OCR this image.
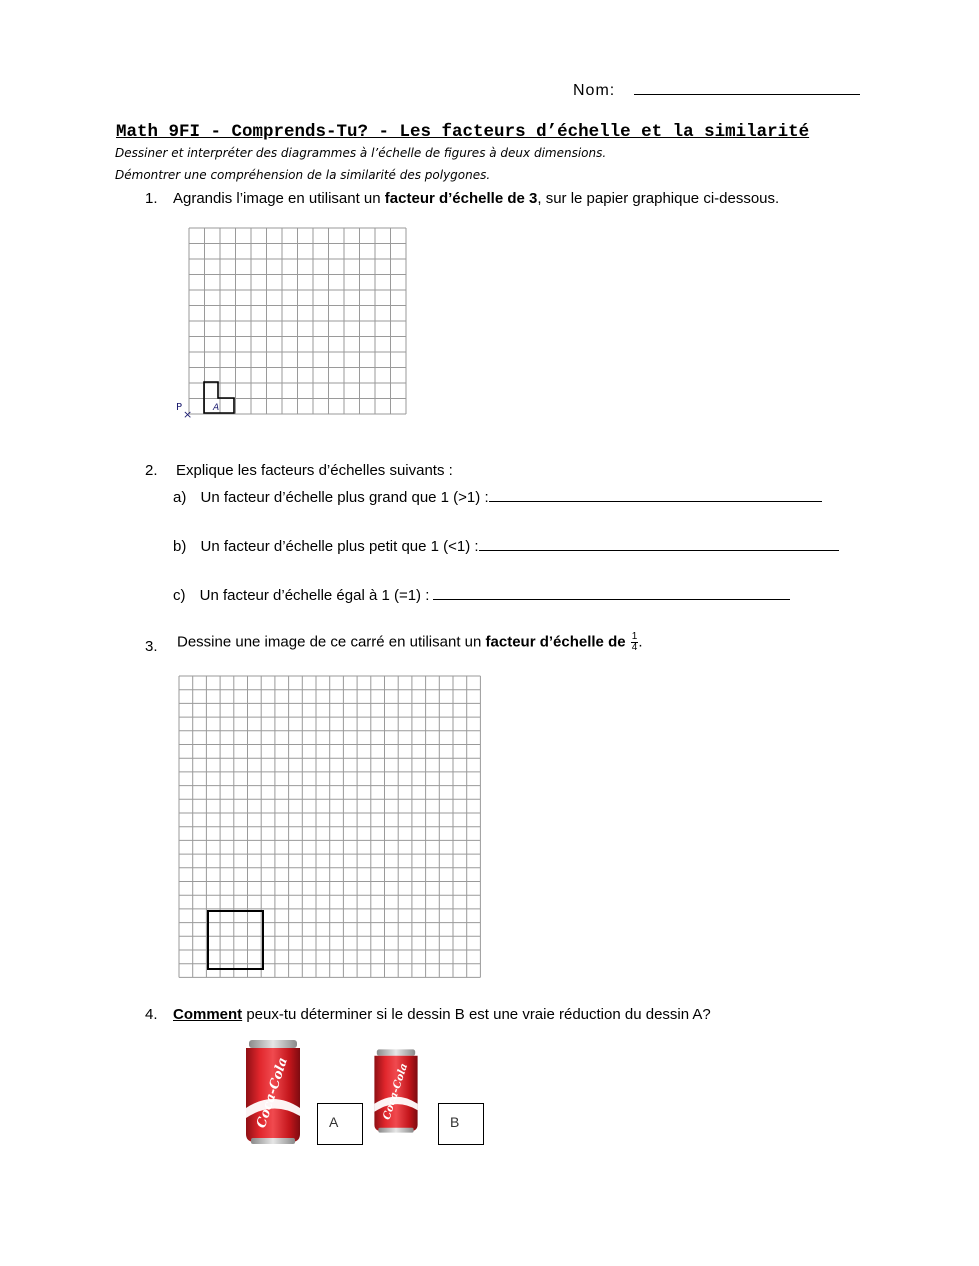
Nom:
Math 9FI - Comprends-Tu? - Les facteurs d’échelle et la similarité
Dessiner et interpréter des diagrammes à l’échelle de figures à deux dimensions.
Démontrer une compréhension de la similarité des polygones.
1. Agrandis l’image en utilisant un facteur d’échelle de 3, sur le papier graphique ci-dessous.
P
× A
2. Explique les facteurs d’échelles suivants :
a) Un facteur d’échelle plus grand que 1 (>1) :
b) Un facteur d’échelle plus petit que 1 (<1) :
c) Un facteur d’échelle égal à 1 (=1) :
3. Dessine une image de ce carré en utilisant un facteur d’échelle de $\frac{1}{4}$ .
4. Comment peux-tu déterminer si le dessin B est une vraie réduction du dessin A?
Coca-Cola	A
Coca-Cola
B
